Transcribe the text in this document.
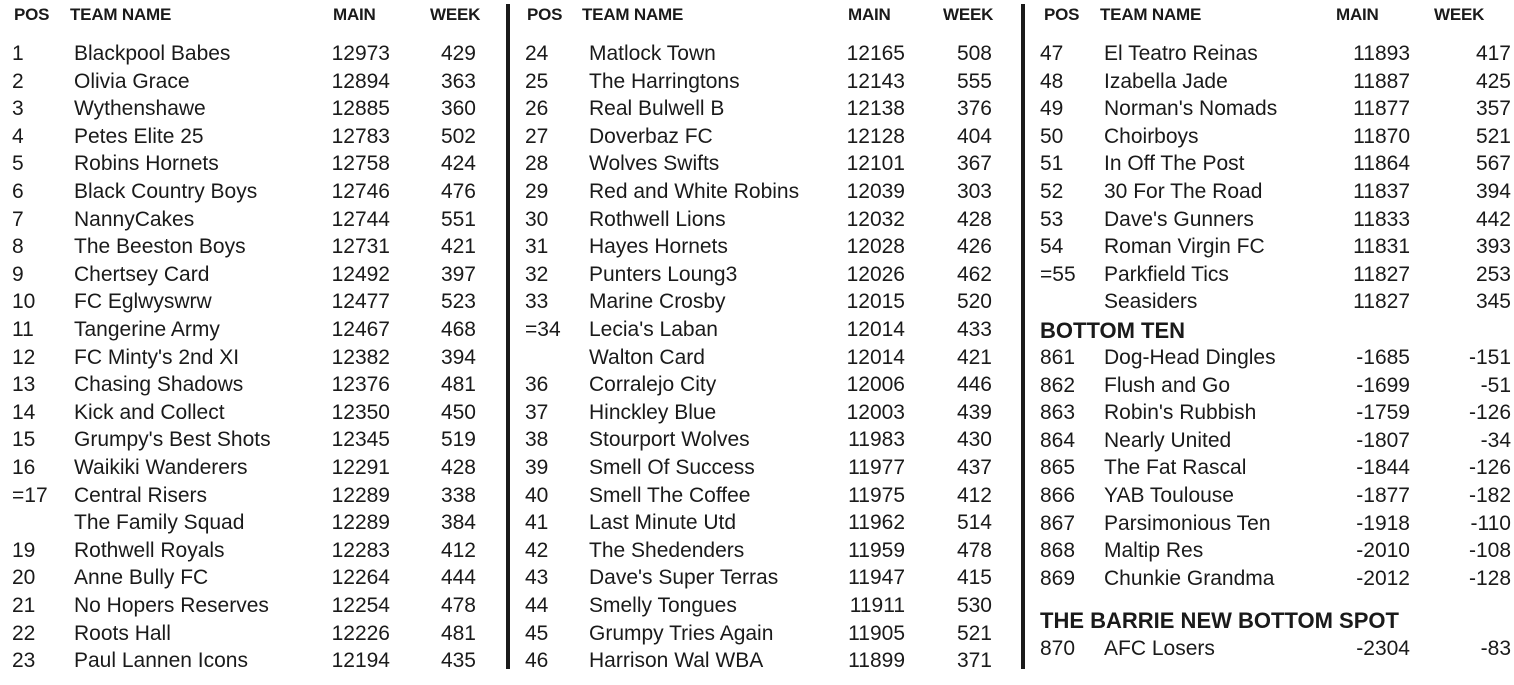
POS TEAM NAME	MAIN	WEEK
1 Blackpool Babes	12973	429
2 Olivia Grace	12894	363
3 Wythenshawe	12885	360
4 Petes Elite 25	12783	502
5 Robins Hornets	12758	424
6 Black Country Boys	12746	476
7 NannyCakes	12744	551
8 The Beeston Boys	12731	421
9 Chertsey Card	12492	397
10 FC Eglwyswrw	12477	523
11 Tangerine Army	12467	468
12 FC Minty's 2nd XI	12382	394
13 Chasing Shadows	12376	481
14 Kick and Collect	12350	450
15 Grumpy's Best Shots	12345	519
16 Waikiki Wanderers	12291	428
=17 Central Risers	12289	338
The Family Squad	12289	384
19 Rothwell Royals	12283	412
20 Anne Bully FC	12264	444
21 No Hopers Reserves	12254	478
22 Roots Hall	12226	481
23 Paul Lannen Icons	12194	435
POS TEAM NAME	MAIN	WEEK
24 Matlock Town	12165	508
25 The Harringtons	12143	555
26 Real Bulwell B	12138	376
27 Doverbaz FC	12128	404
28 Wolves Swifts	12101	367
29 Red and White Robins	12039	303
30 Rothwell Lions	12032	428
31 Hayes Hornets	12028	426
32 Punters Loung3	12026	462
33 Marine Crosby	12015	520
=34 Lecia's Laban	12014	433
Walton Card	12014	421
36 Corralejo City	12006	446
37 Hinckley Blue	12003	439
38 Stourport Wolves	11983	430
39 Smell Of Success	11977	437
40 Smell The Coffee	11975	412
41 Last Minute Utd	11962	514
42 The Shedenders	11959	478
43 Dave's Super Terras	11947	415
44 Smelly Tongues	11911	530
45 Grumpy Tries Again	11905	521
46 Harrison Wal WBA	11899	371
POS TEAM NAME	MAIN	WEEK
47 El Teatro Reinas	11893	417
48 Izabella Jade	11887	425
49 Norman's Nomads	11877	357
50 Choirboys	11870	521
51 In Off The Post	11864	567
52 30 For The Road	11837	394
53 Dave's Gunners	11833	442
54 Roman Virgin FC	11831	393
=55 Parkfield Tics	11827	253
Seasiders	11827	345
BOTTOM TEN
861 Dog-Head Dingles	-1685	-151
862 Flush and Go	-1699	-51
863 Robin's Rubbish	-1759	-126
864 Nearly United	-1807	-34
865 The Fat Rascal	-1844	-126
866 YAB Toulouse	-1877	-182
867 Parsimonious Ten	-1918	-110
868 Maltip Res	-2010	-108
869 Chunkie Grandma	-2012	-128
THE BARRIE NEW BOTTOM SPOT
870 AFC Losers	-2304	-83
